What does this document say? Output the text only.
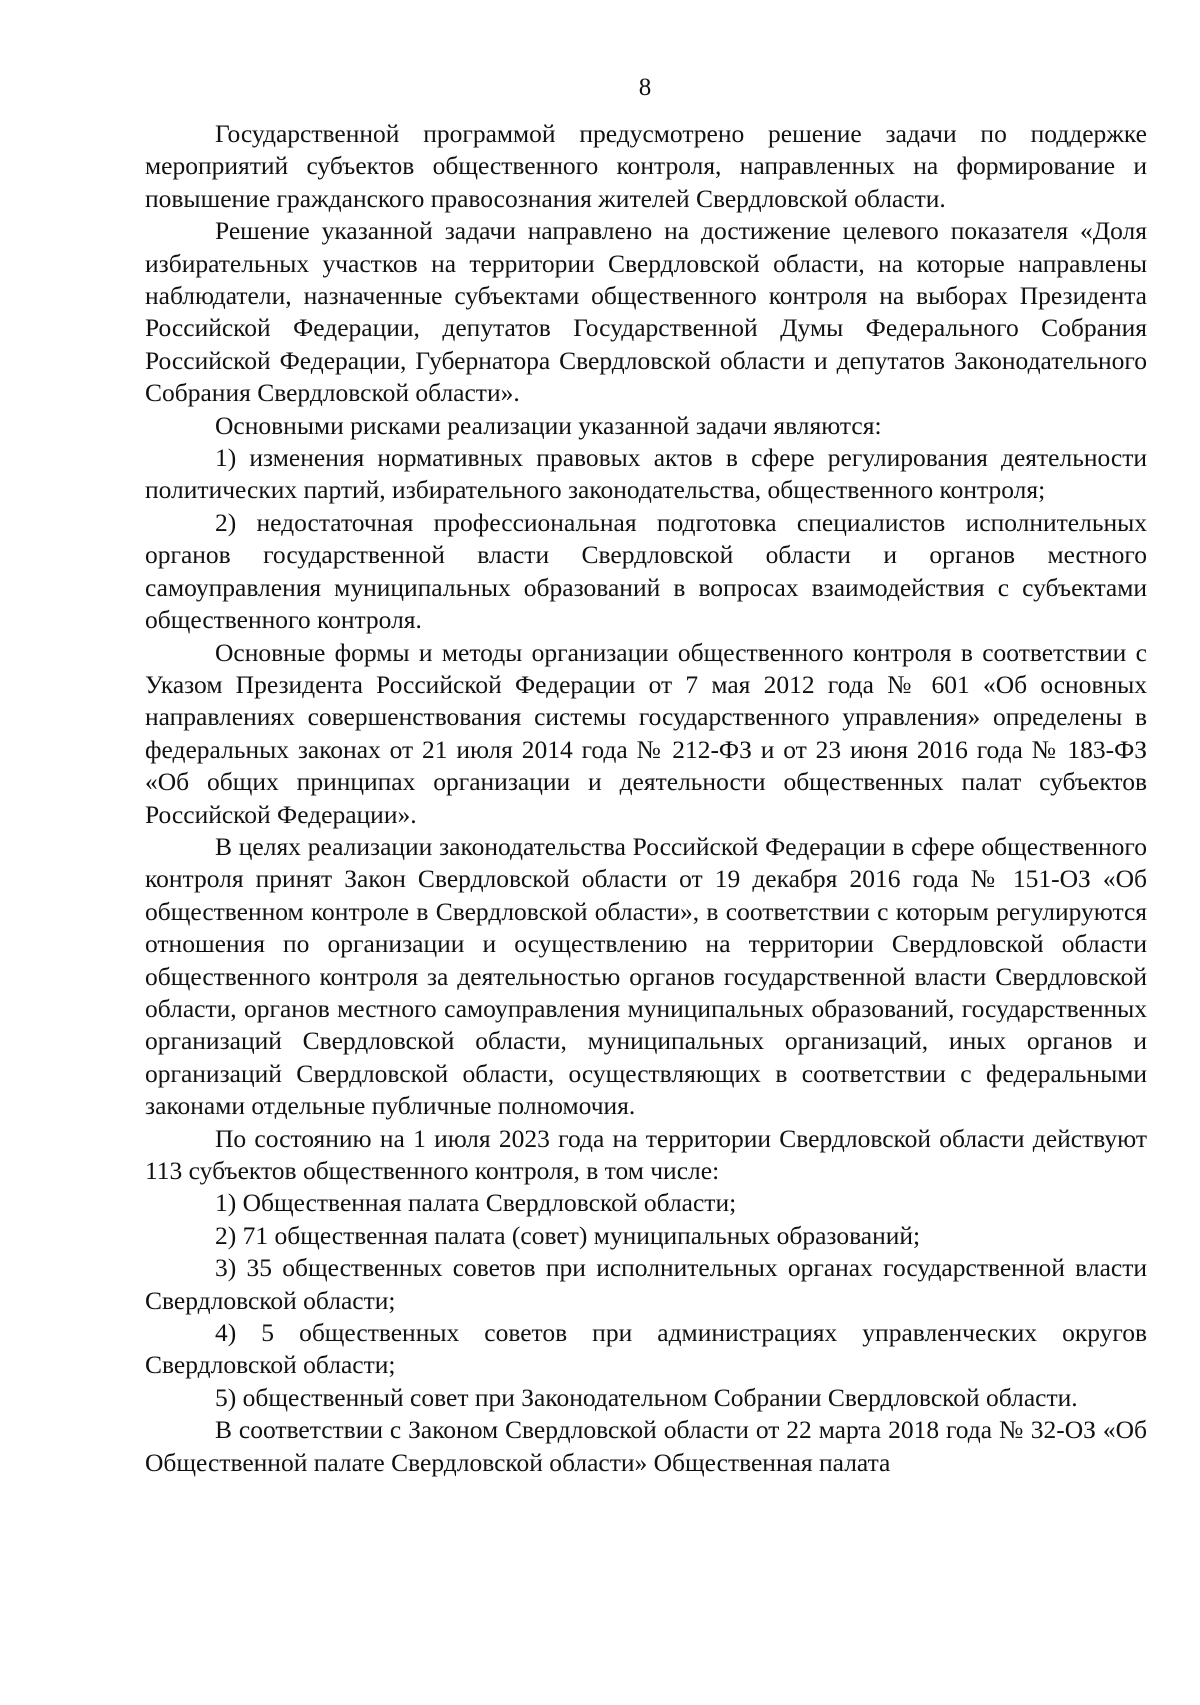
8

Государственной программой предусмотрено решение задачи по поддержке мероприятий субъектов общественного контроля, направленных на формирование и повышение гражданского правосознания жителей Свердловской области.

Решение указанной задачи направлено на достижение целевого показателя «Доля избирательных участков на территории Свердловской области, на которые направлены наблюдатели, назначенные субъектами общественного контроля на выборах Президента Российской Федерации, депутатов Государственной Думы Федерального Собрания Российской Федерации, Губернатора Свердловской области и депутатов Законодательного Собрания Свердловской области».

Основными рисками реализации указанной задачи являются:

1) изменения нормативных правовых актов в сфере регулирования деятельности политических партий, избирательного законодательства, общественного контроля;

2) недостаточная профессиональная подготовка специалистов исполнительных органов государственной власти Свердловской области и органов местного самоуправления муниципальных образований в вопросах взаимодействия с субъектами общественного контроля.

Основные формы и методы организации общественного контроля в соответствии с Указом Президента Российской Федерации от 7 мая 2012 года № 601 «Об основных направлениях совершенствования системы государственного управления» определены в федеральных законах от 21 июля 2014 года № 212-ФЗ и от 23 июня 2016 года № 183-ФЗ «Об общих принципах организации и деятельности общественных палат субъектов Российской Федерации».

В целях реализации законодательства Российской Федерации в сфере общественного контроля принят Закон Свердловской области от 19 декабря 2016 года № 151-ОЗ «Об общественном контроле в Свердловской области», в соответствии с которым регулируются отношения по организации и осуществлению на территории Свердловской области общественного контроля за деятельностью органов государственной власти Свердловской области, органов местного самоуправления муниципальных образований, государственных организаций Свердловской области, муниципальных организаций, иных органов и организаций Свердловской области, осуществляющих в соответствии с федеральными законами отдельные публичные полномочия.

По состоянию на 1 июля 2023 года на территории Свердловской области действуют 113 субъектов общественного контроля, в том числе:

1) Общественная палата Свердловской области;

2) 71 общественная палата (совет) муниципальных образований;

3) 35 общественных советов при исполнительных органах государственной власти Свердловской области;

4) 5 общественных советов при администрациях управленческих округов Свердловской области;

5) общественный совет при Законодательном Собрании Свердловской области.

В соответствии с Законом Свердловской области от 22 марта 2018 года № 32-ОЗ «Об Общественной палате Свердловской области» Общественная палата
